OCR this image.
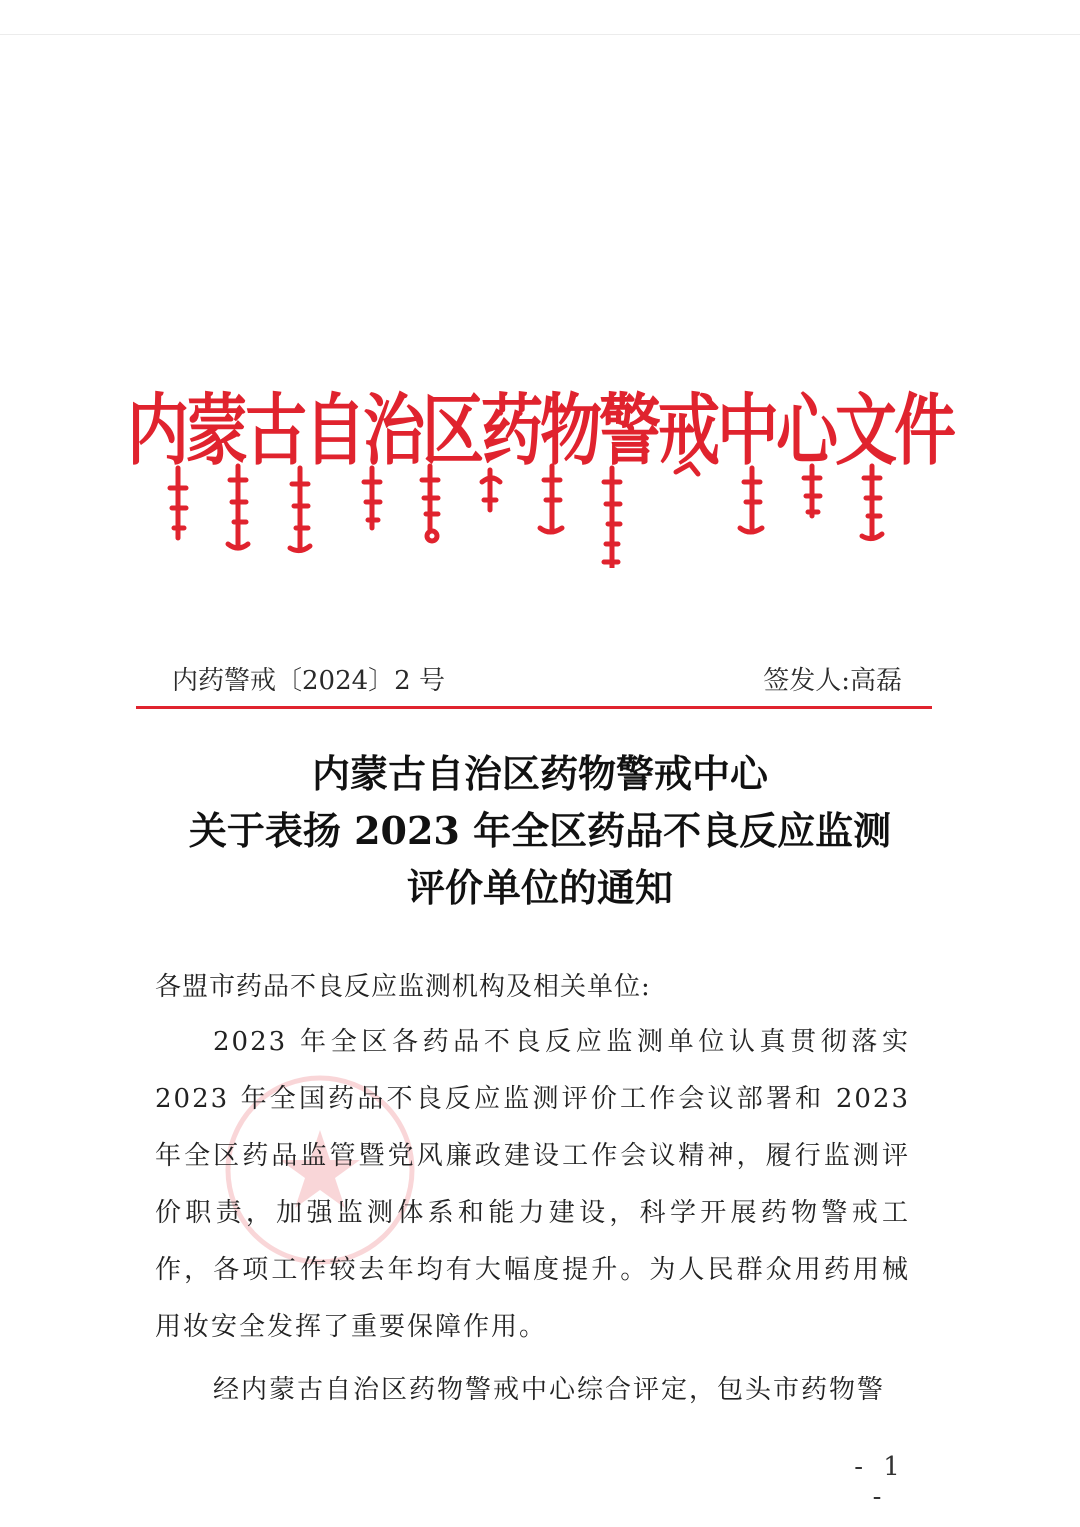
内蒙古自治区药物警戒中心文件
内药警戒〔2024〕2 号	签发人:高磊
内蒙古自治区药物警戒中心
关于表扬 2023 年全区药品不良反应监测
评价单位的通知
各盟市药品不良反应监测机构及相关单位:
2023 年全区各药品不良反应监测单位认真贯彻落实 2023 年全国药品不良反应监测评价工作会议部署和 2023 年全区药品监管暨党风廉政建设工作会议精神，履行监测评价职责，加强监测体系和能力建设，科学开展药物警戒工作，各项工作较去年均有大幅度提升。为人民群众用药用械用妆安全发挥了重要保障作用。
经内蒙古自治区药物警戒中心综合评定，包头市药物警
- 1 -
